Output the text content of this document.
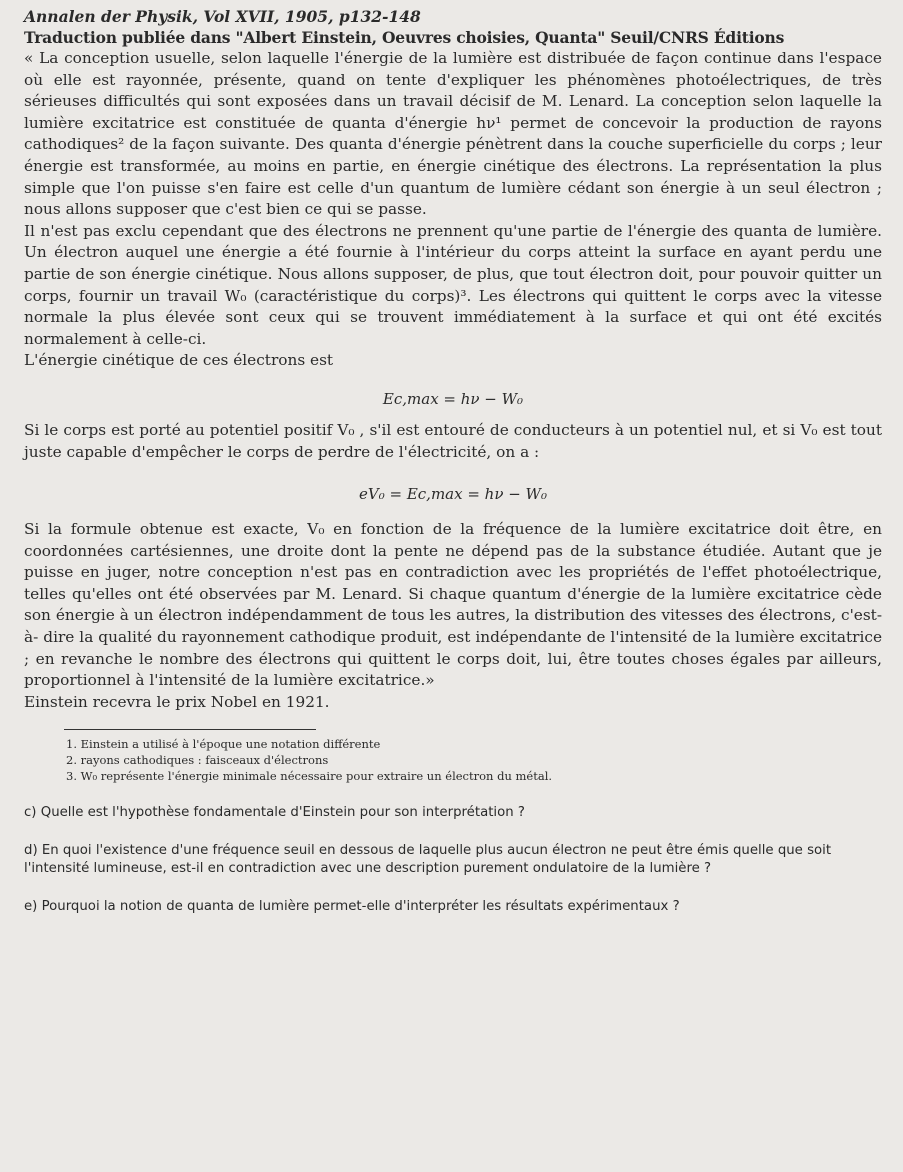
Annalen der Physik, Vol XVII, 1905, p132-148

Traduction publiée dans "Albert Einstein, Oeuvres choisies, Quanta" Seuil/CNRS Éditions

« La conception usuelle, selon laquelle l'énergie de la lumière est distribuée de façon continue dans l'espace où elle est rayonnée, présente, quand on tente d'expliquer les phénomènes photoélectriques, de très sérieuses difficultés qui sont exposées dans un travail décisif de M. Lenard. La conception selon laquelle la lumière excitatrice est constituée de quanta d'énergie hν¹ permet de concevoir la production de rayons cathodiques² de la façon suivante. Des quanta d'énergie pénètrent dans la couche superficielle du corps ; leur énergie est transformée, au moins en partie, en énergie cinétique des électrons. La représentation la plus simple que l'on puisse s'en faire est celle d'un quantum de lumière cédant son énergie à un seul électron ; nous allons supposer que c'est bien ce qui se passe.

Il n'est pas exclu cependant que des électrons ne prennent qu'une partie de l'énergie des quanta de lumière. Un électron auquel une énergie a été fournie à l'intérieur du corps atteint la surface en ayant perdu une partie de son énergie cinétique. Nous allons supposer, de plus, que tout électron doit, pour pouvoir quitter un corps, fournir un travail W₀ (caractéristique du corps)³. Les électrons qui quittent le corps avec la vitesse normale la plus élevée sont ceux qui se trouvent immédiatement à la surface et qui ont été excités normalement à celle-ci.

L'énergie cinétique de ces électrons est

Ec,max = hν − W₀

Si le corps est porté au potentiel positif V₀ , s'il est entouré de conducteurs à un potentiel nul, et si V₀ est tout juste capable d'empêcher le corps de perdre de l'électricité, on a :

eV₀ = Ec,max = hν − W₀

Si la formule obtenue est exacte, V₀ en fonction de la fréquence de la lumière excitatrice doit être, en coordonnées cartésiennes, une droite dont la pente ne dépend pas de la substance étudiée. Autant que je puisse en juger, notre conception n'est pas en contradiction avec les propriétés de l'effet photoélectrique, telles qu'elles ont été observées par M. Lenard. Si chaque quantum d'énergie de la lumière excitatrice cède son énergie à un électron indépendamment de tous les autres, la distribution des vitesses des électrons, c'est-à- dire la qualité du rayonnement cathodique produit, est indépendante de l'intensité de la lumière excitatrice ; en revanche le nombre des électrons qui quittent le corps doit, lui, être toutes choses égales par ailleurs, proportionnel à l'intensité de la lumière excitatrice.»

Einstein recevra le prix Nobel en 1921.

1. Einstein a utilisé à l'époque une notation différente

2. rayons cathodiques : faisceaux d'électrons

3. W₀ représente l'énergie minimale nécessaire pour extraire un électron du métal.

c) Quelle est l'hypothèse fondamentale d'Einstein pour son interprétation ?

d) En quoi l'existence d'une fréquence seuil en dessous de laquelle plus aucun électron ne peut être émis quelle que soit l'intensité lumineuse, est-il en contradiction avec une description purement ondulatoire de la lumière ?

e) Pourquoi la notion de quanta de lumière permet-elle d'interpréter les résultats expérimentaux ?
